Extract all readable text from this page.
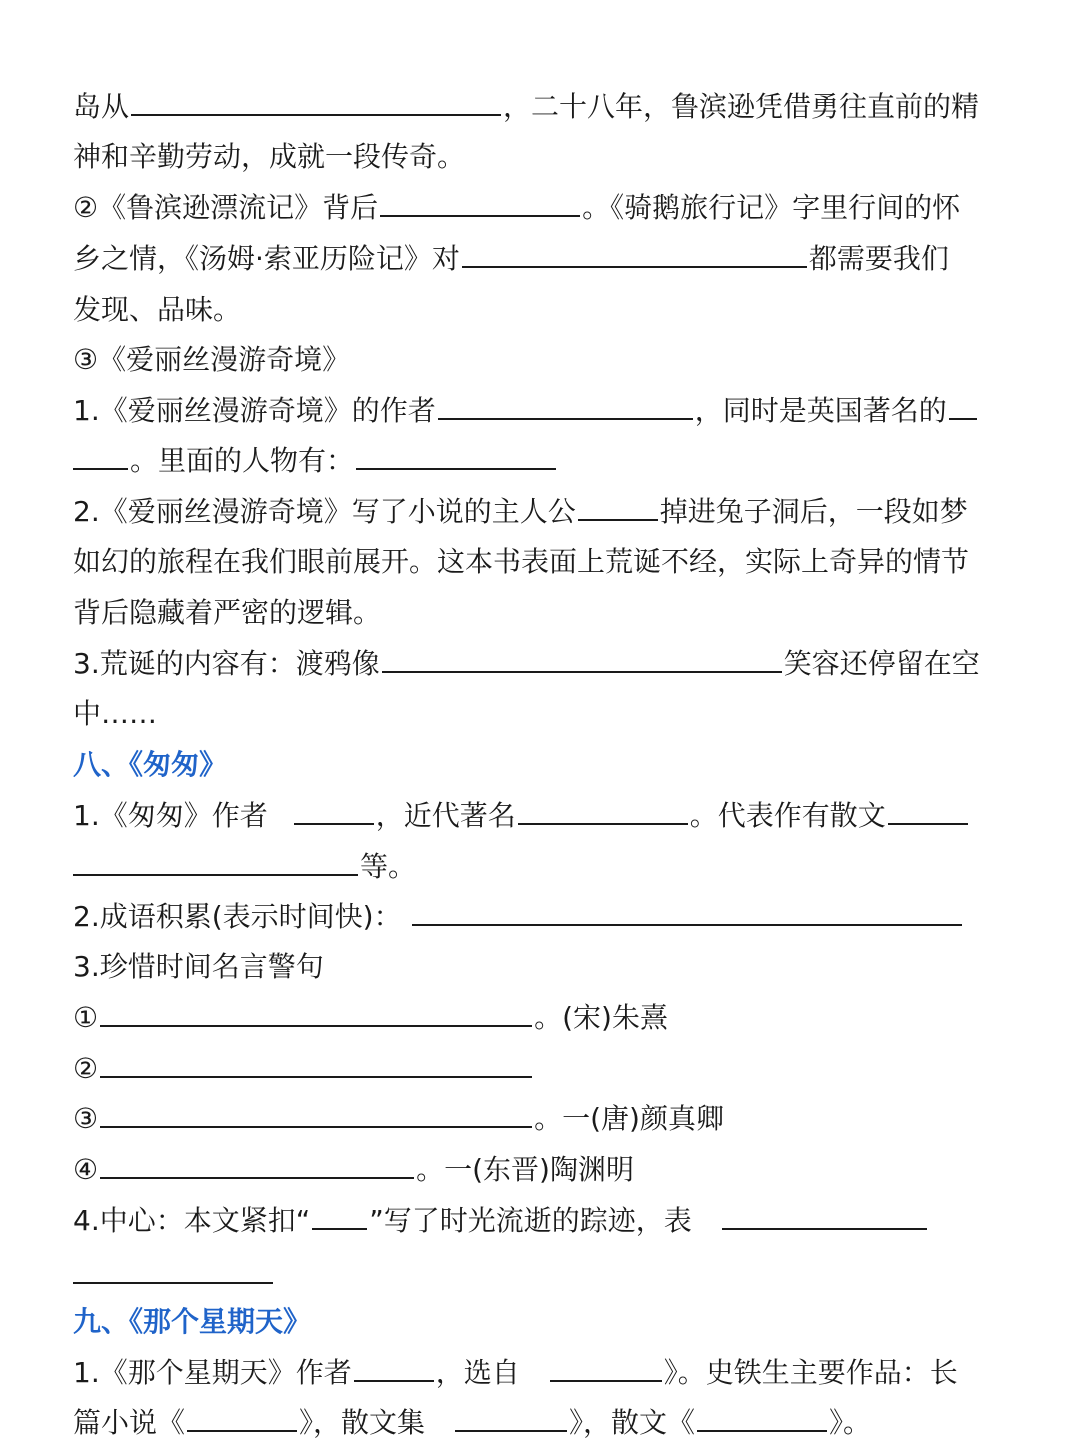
岛从	，二十八年，鲁滨逊凭借勇往直前的精
神和辛勤劳动，成就一段传奇。
②《鲁滨逊漂流记》背后	。《骑鹅旅行记》字里行间的怀
乡之情，《汤姆·索亚历险记》对	都需要我们
发现、品味。
③《爱丽丝漫游奇境》
1.《爱丽丝漫游奇境》的作者	，同时是英国著名的
。里面的人物有：
2.《爱丽丝漫游奇境》写了小说的主人公	掉进兔子洞后，一段如梦
如幻的旅程在我们眼前展开。这本书表面上荒诞不经，实际上奇异的情节
背后隐藏着严密的逻辑。
3.荒诞的内容有：渡鸦像	笑容还停留在空
中……
八、《匆匆》
1.《匆匆》作者	，近代著名	。代表作有散文
等。
2.成语积累(表示时间快)：
3.珍惜时间名言警句
①	。(宋)朱熹
②
③	。一(唐)颜真卿
④	。一(东晋)陶渊明
4.中心：本文紧扣“ ”写了时光流逝的踪迹，表
九、《那个星期天》
1.《那个星期天》作者	，选自	》。史铁生主要作品：长
篇小说《	》，散文集	》，散文《	》。
